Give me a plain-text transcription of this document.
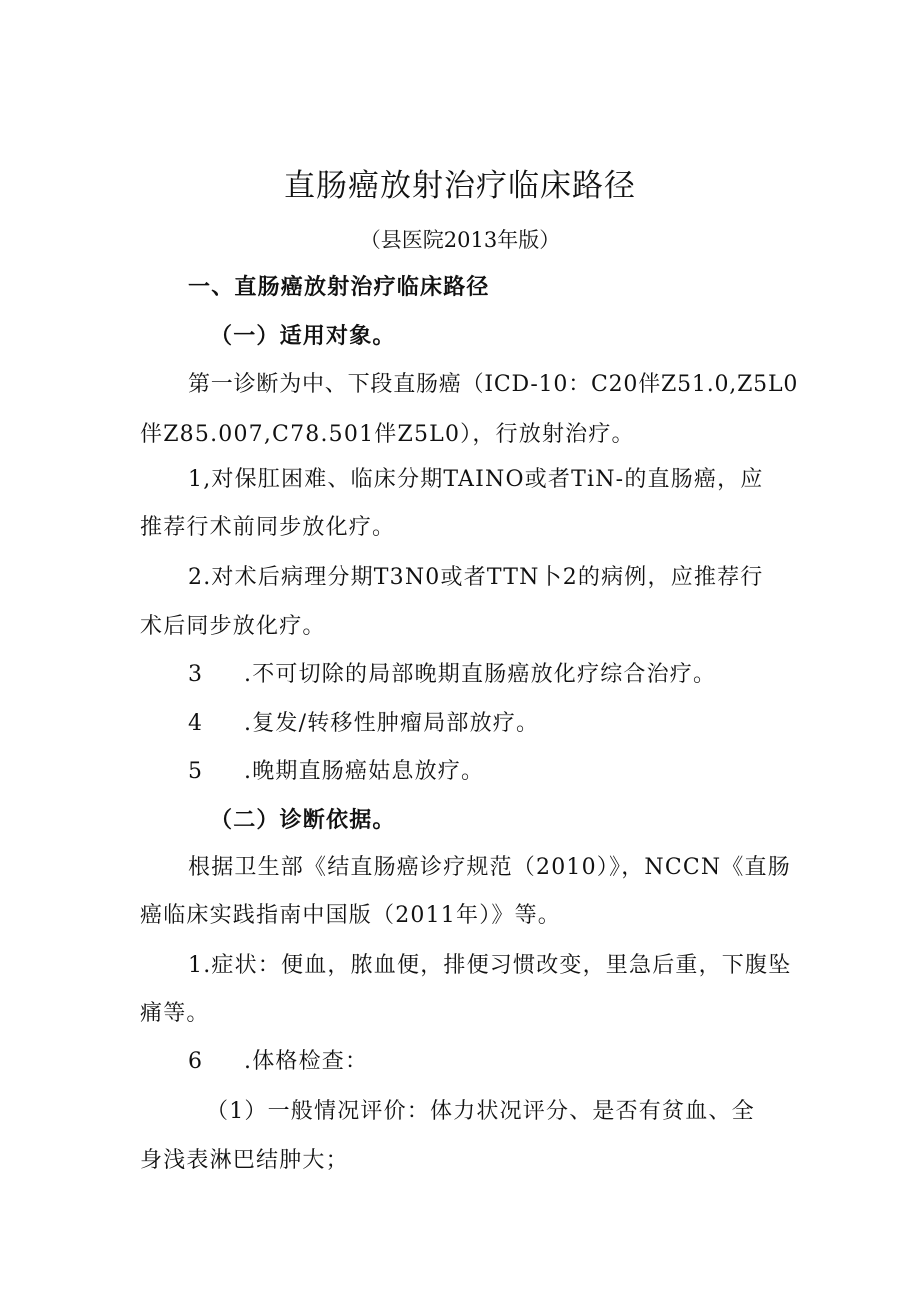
直肠癌放射治疗临床路径
（县医院2013年版）
一、直肠癌放射治疗临床路径
（一）适用对象。
第一诊断为中、下段直肠癌（ICD-10：C20伴Z51.0,Z5L0
伴Z85.007,C78.501伴Z5L0），行放射治疗。
1,对保肛困难、临床分期TAINO或者TiN-的直肠癌，应
推荐行术前同步放化疗。
2.对术后病理分期T3N0或者TTN卜2的病例，应推荐行
术后同步放化疗。
3 .不可切除的局部晚期直肠癌放化疗综合治疗。
4 .复发/转移性肿瘤局部放疗。
5 .晚期直肠癌姑息放疗。
（二）诊断依据。
根据卫生部《结直肠癌诊疗规范（2010）》，NCCN《直肠
癌临床实践指南中国版（2011年）》等。
1.症状：便血，脓血便，排便习惯改变，里急后重，下腹坠
痛等。
6 .体格检查：
（1）一般情况评价：体力状况评分、是否有贫血、全
身浅表淋巴结肿大；
